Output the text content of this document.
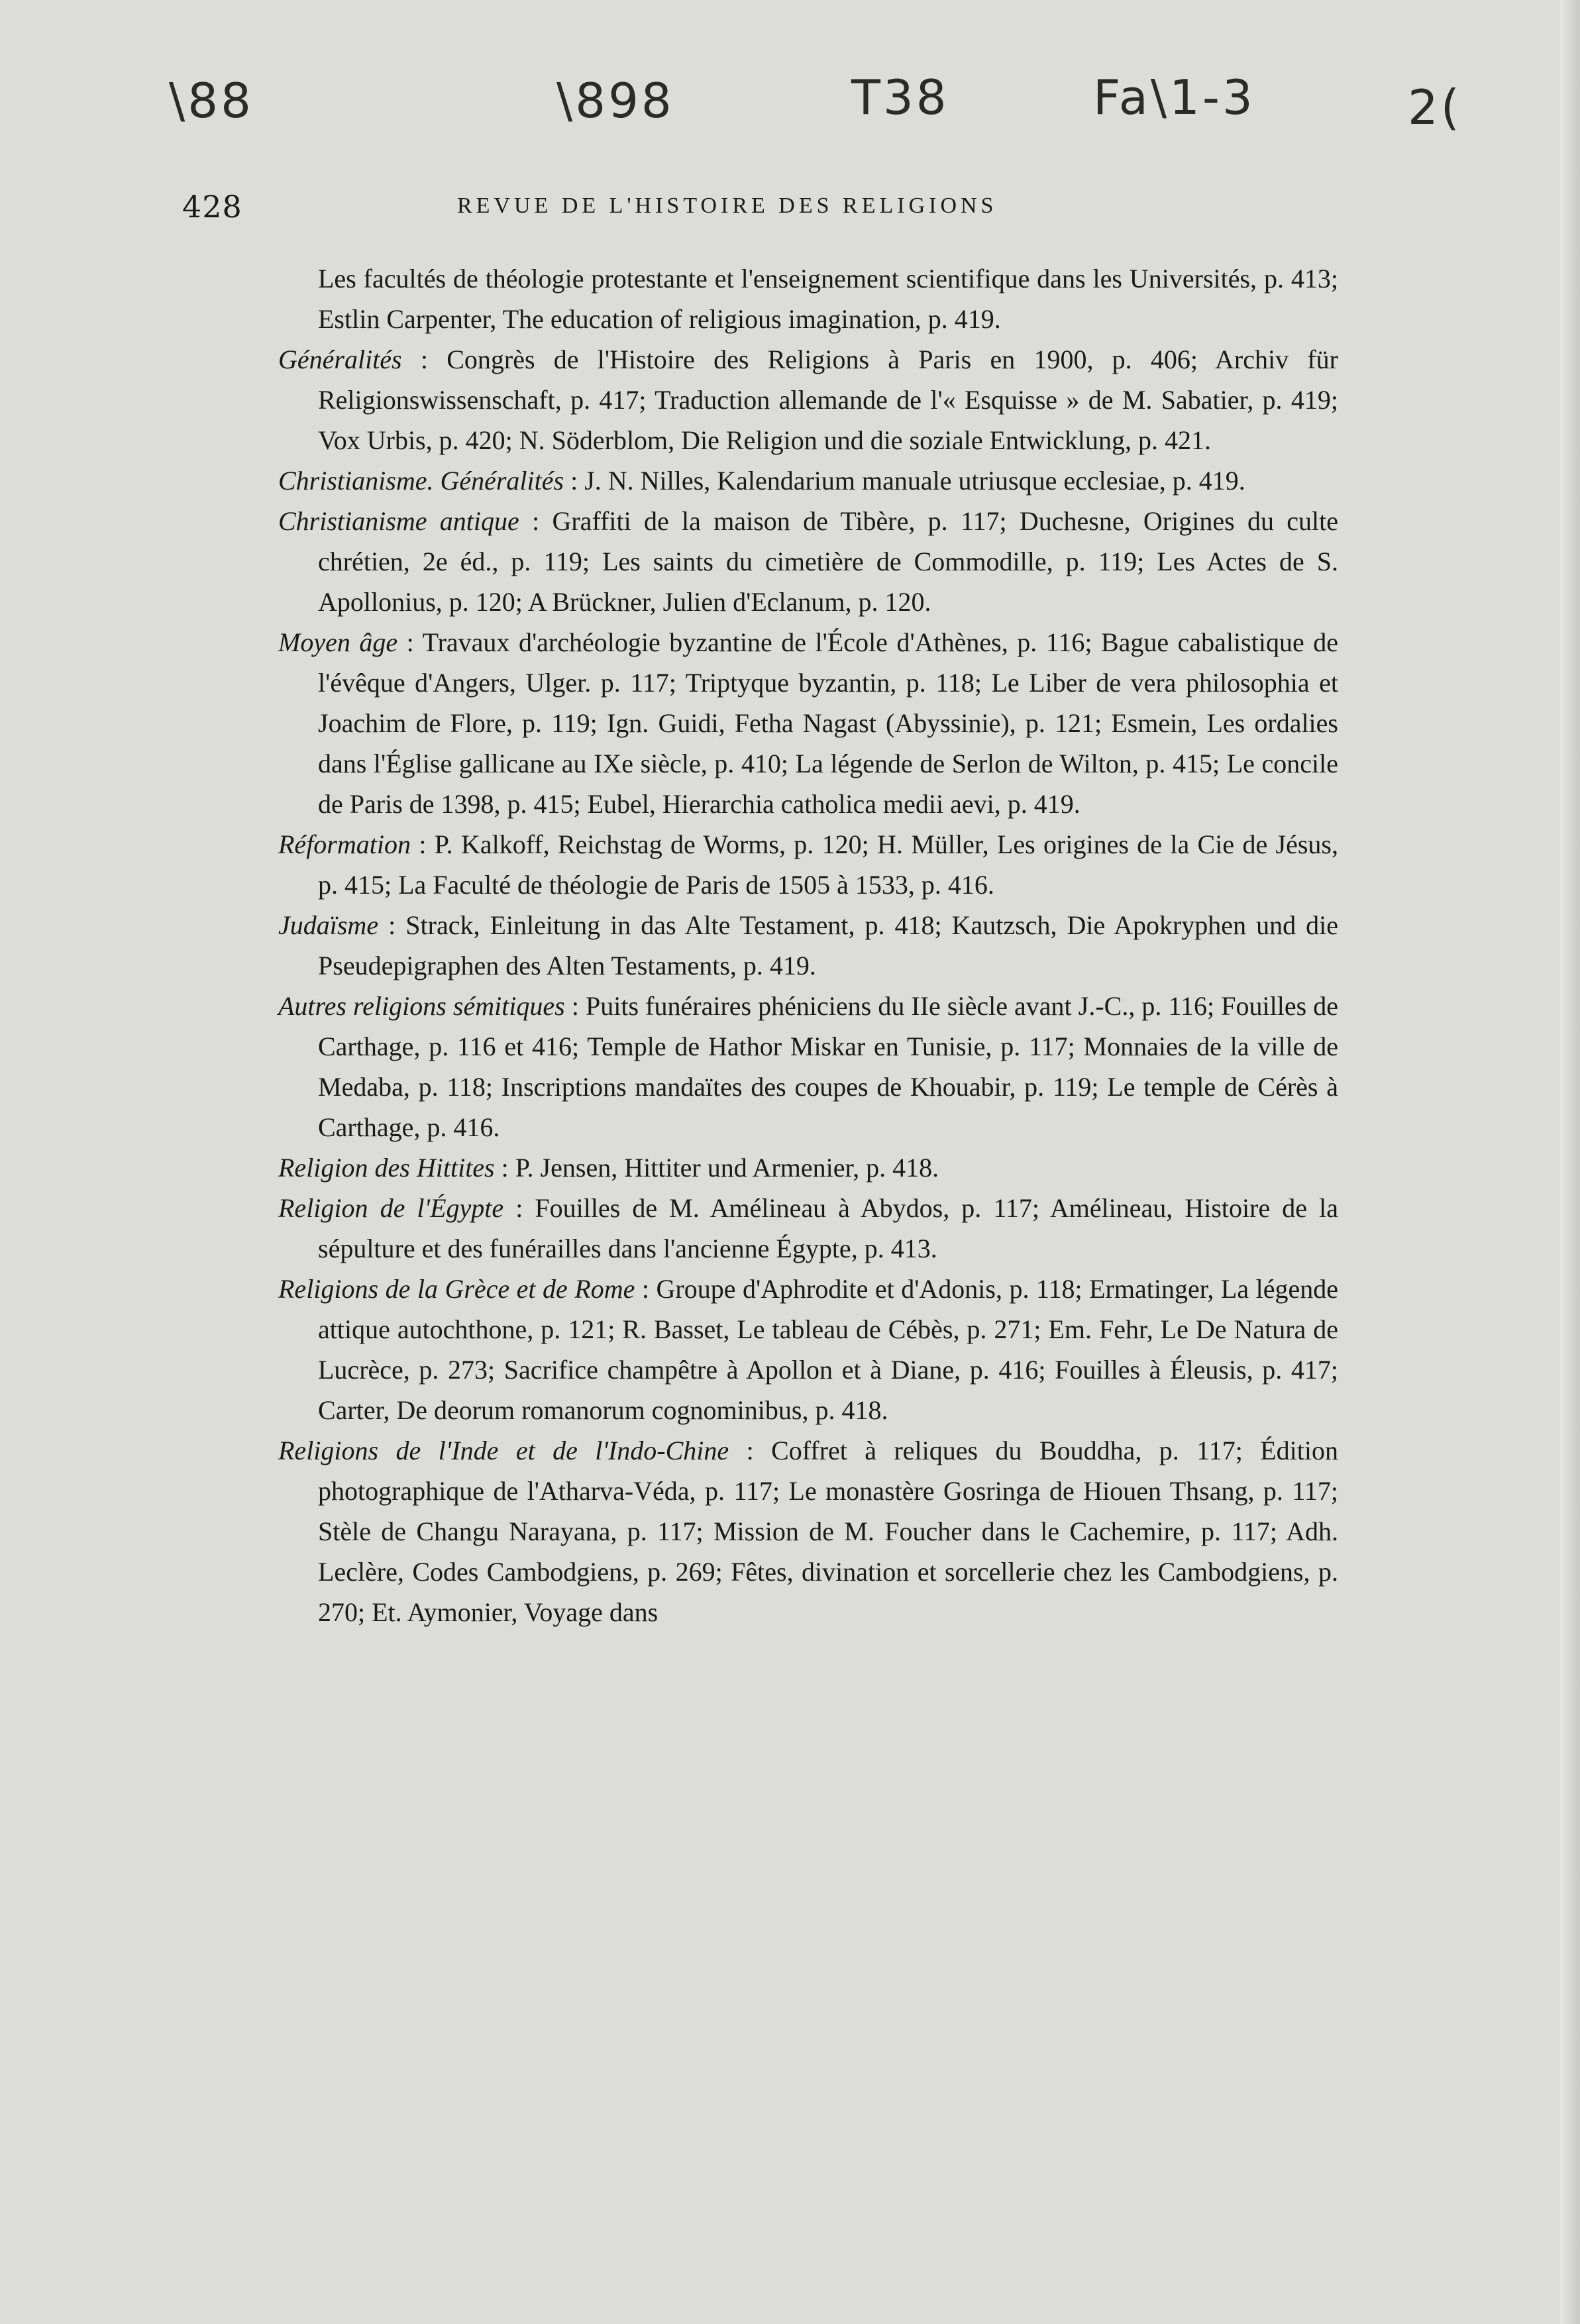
\88	\898	T38	Fa\1-3	2(
428	REVUE DE L'HISTOIRE DES RELIGIONS

Les facultés de théologie protestante et l'enseignement scientifique dans les Universités, p. 413; Estlin Carpenter, The education of religious imagination, p. 419.

Généralités : Congrès de l'Histoire des Religions à Paris en 1900, p. 406; Archiv für Religionswissenschaft, p. 417; Traduction allemande de l'« Esquisse » de M. Sabatier, p. 419; Vox Urbis, p. 420; N. Söderblom, Die Religion und die soziale Entwicklung, p. 421.

Christianisme. Généralités : J. N. Nilles, Kalendarium manuale utriusque ecclesiae, p. 419.

Christianisme antique : Graffiti de la maison de Tibère, p. 117; Duchesne, Origines du culte chrétien, 2e éd., p. 119; Les saints du cimetière de Commodille, p. 119; Les Actes de S. Apollonius, p. 120; A Brückner, Julien d'Eclanum, p. 120.

Moyen âge : Travaux d'archéologie byzantine de l'École d'Athènes, p. 116; Bague cabalistique de l'évêque d'Angers, Ulger. p. 117; Triptyque byzantin, p. 118; Le Liber de vera philosophia et Joachim de Flore, p. 119; Ign. Guidi, Fetha Nagast (Abyssinie), p. 121; Esmein, Les ordalies dans l'Église gallicane au IXe siècle, p. 410; La légende de Serlon de Wilton, p. 415; Le concile de Paris de 1398, p. 415; Eubel, Hierarchia catholica medii aevi, p. 419.

Réformation : P. Kalkoff, Reichstag de Worms, p. 120; H. Müller, Les origines de la Cie de Jésus, p. 415; La Faculté de théologie de Paris de 1505 à 1533, p. 416.

Judaïsme : Strack, Einleitung in das Alte Testament, p. 418; Kautzsch, Die Apokryphen und die Pseudepigraphen des Alten Testaments, p. 419.

Autres religions sémitiques : Puits funéraires phéniciens du IIe siècle avant J.-C., p. 116; Fouilles de Carthage, p. 116 et 416; Temple de Hathor Miskar en Tunisie, p. 117; Monnaies de la ville de Medaba, p. 118; Inscriptions mandaïtes des coupes de Khouabir, p. 119; Le temple de Cérès à Carthage, p. 416.

Religion des Hittites : P. Jensen, Hittiter und Armenier, p. 418.

Religion de l'Égypte : Fouilles de M. Amélineau à Abydos, p. 117; Amélineau, Histoire de la sépulture et des funérailles dans l'ancienne Égypte, p. 413.

Religions de la Grèce et de Rome : Groupe d'Aphrodite et d'Adonis, p. 118; Ermatinger, La légende attique autochthone, p. 121; R. Basset, Le tableau de Cébès, p. 271; Em. Fehr, Le De Natura de Lucrèce, p. 273; Sacrifice champêtre à Apollon et à Diane, p. 416; Fouilles à Éleusis, p. 417; Carter, De deorum romanorum cognominibus, p. 418.

Religions de l'Inde et de l'Indo-Chine : Coffret à reliques du Bouddha, p. 117; Édition photographique de l'Atharva-Véda, p. 117; Le monastère Gosringa de Hiouen Thsang, p. 117; Stèle de Changu Narayana, p. 117; Mission de M. Foucher dans le Cachemire, p. 117; Adh. Leclère, Codes Cambodgiens, p. 269; Fêtes, divination et sorcellerie chez les Cambodgiens, p. 270; Et. Aymonier, Voyage dans
